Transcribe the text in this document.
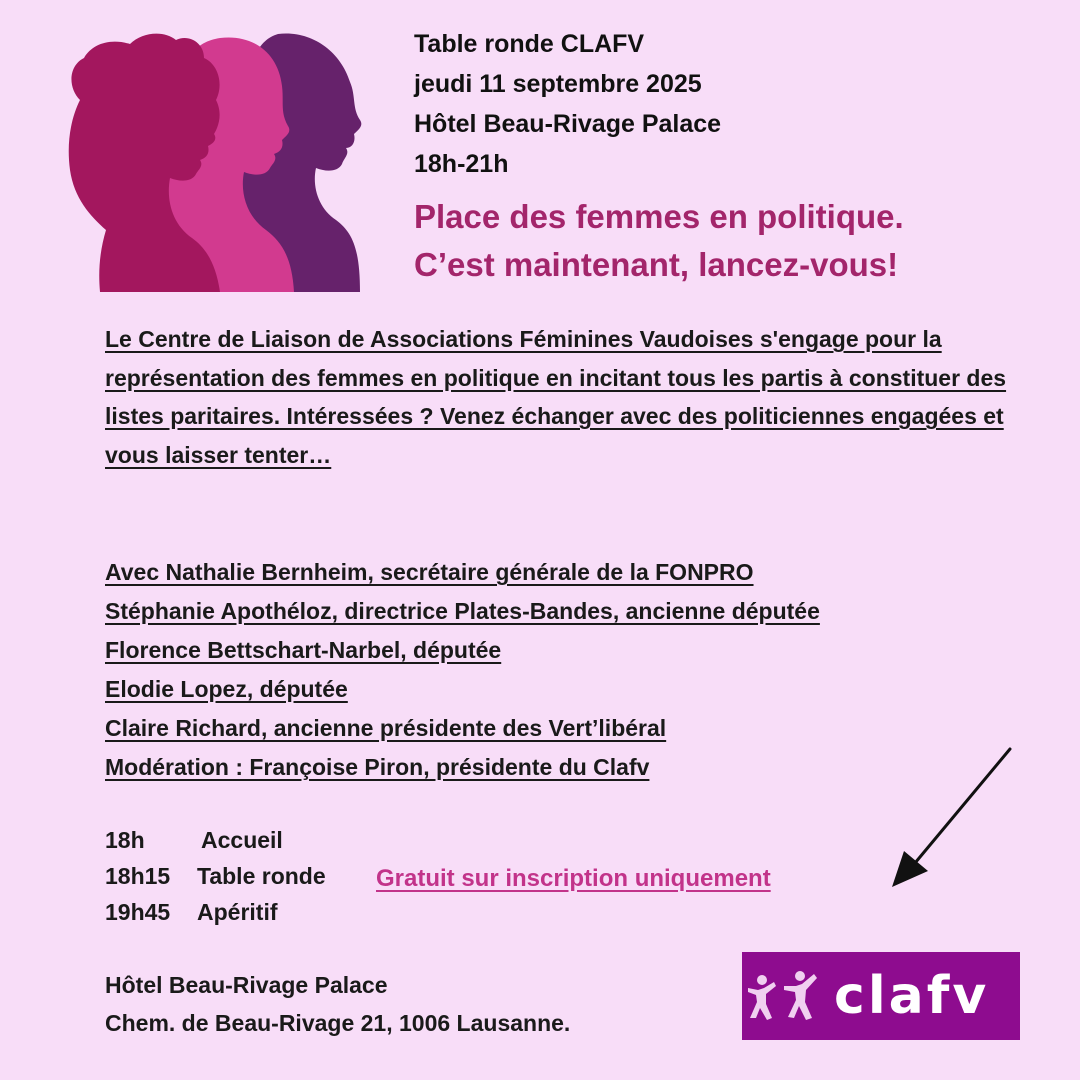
Table ronde CLAFV
jeudi 11 septembre 2025
Hôtel Beau-Rivage Palace
18h-21h
Place des femmes en politique.
C’est maintenant, lancez-vous!

Le Centre de Liaison de Associations Féminines Vaudoises s'engage pour la représentation des femmes en politique en incitant tous les partis à constituer des listes paritaires. Intéressées ? Venez échanger avec des politiciennes engagées et vous laisser tenter…

Avec Nathalie Bernheim, secrétaire générale de la FONPRO
Stéphanie Apothéloz, directrice Plates-Bandes, ancienne députée
Florence Bettschart-Narbel, députée
Elodie Lopez, députée
Claire Richard, ancienne présidente des Vert’libéral
Modération : Françoise Piron, présidente du Clafv
18h	Accueil
18h15	Table ronde
19h45	Apéritif
Gratuit sur inscription uniquement
Hôtel Beau-Rivage Palace
Chem. de Beau-Rivage 21, 1006 Lausanne.	clafv
